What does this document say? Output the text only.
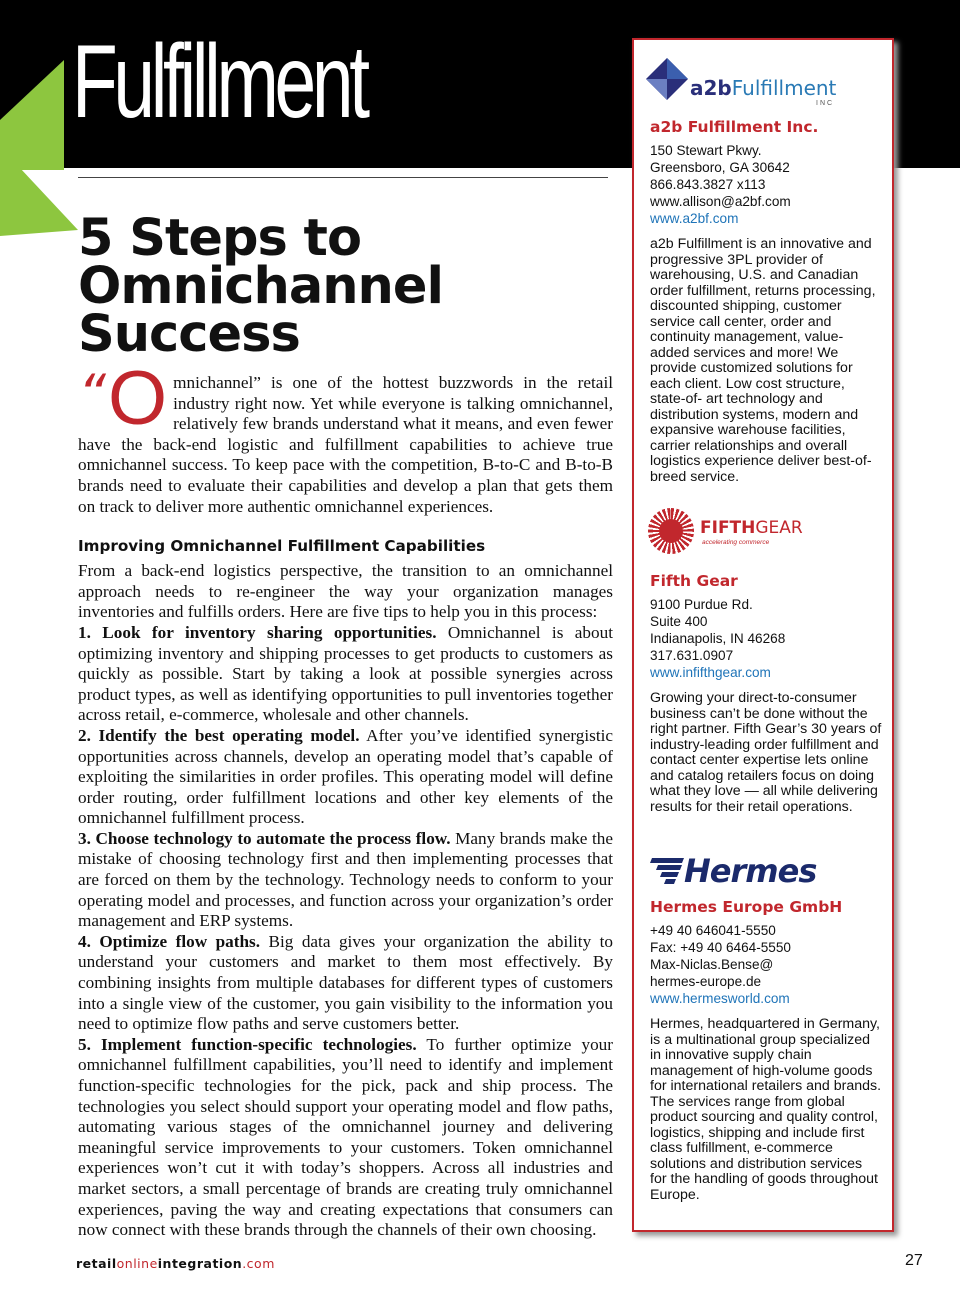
Fulfillment
5 Steps to
Omnichannel
Success

“ O mnichannel” is one of the hottest buzzwords in the retail industry right now. Yet while everyone is talking omnichannel, relatively few brands understand what it means, and even fewer have the back-end logistic and fulfillment capabilities to achieve true omnichannel success. To keep pace with the competition, B-to-C and B-to-B brands need to evaluate their capabilities and develop a plan that gets them on track to deliver more authentic omnichannel experiences.

Improving Omnichannel Fulfillment Capabilities

From a back-end logistics perspective, the transition to an omnichannel approach needs to re-engineer the way your organization manages inventories and fulfills orders. Here are five tips to help you in this process:

1. Look for inventory sharing opportunities. Omnichannel is about optimizing inventory and shipping processes to get products to customers as quickly as possible. Start by taking a look at possible synergies across product types, as well as identifying opportunities to pull inventories together across retail, e-commerce, wholesale and other channels.

2. Identify the best operating model. After you’ve identified synergistic opportunities across channels, develop an operating model that’s capable of exploiting the similarities in order profiles. This operating model will define order routing, order fulfillment locations and other key elements of the omnichannel fulfillment process.

3. Choose technology to automate the process flow. Many brands make the mistake of choosing technology first and then implementing processes that are forced on them by the technology. Technology needs to conform to your operating model and processes, and function across your organization’s order management and ERP systems.

4. Optimize flow paths. Big data gives your organization the ability to understand your customers and market to them most effectively. By combining insights from multiple databases for different types of customers into a single view of the customer, you gain visibility to the information you need to optimize flow paths and serve customers better.

5. Implement function-specific technologies. To further optimize your omnichannel fulfillment capabilities, you’ll need to identify and implement function-specific technologies for the pick, pack and ship process. The technologies you select should support your operating model and flow paths, automating various stages of the omnichannel journey and delivering meaningful service improvements to your customers. Token omnichannel experiences won’t cut it with today’s shoppers. Across all industries and market sectors, a small percentage of brands are creating truly omnichannel experiences, paving the way and creating expectations that consumers can now connect with these brands through the channels of their own choosing.

a2bFulfillment
INC
a2b Fulfillment Inc.
150 Stewart Pkwy.
Greensboro, GA 30642
866.843.3827 x113
www.allison@a2bf.com
www.a2bf.com
a2b Fulfillment is an innovative and progressive 3PL provider of warehousing, U.S. and Canadian order fulfillment, returns processing, discounted shipping, customer service call center, order and continuity management, value-added services and more! We provide customized solutions for each client. Low cost structure, state-of- art technology and distribution systems, modern and expansive warehouse facilities, carrier relationships and overall logistics experience deliver best-of-breed service.
FIFTHGEAR
accelerating commerce
Fifth Gear
9100 Purdue Rd.
Suite 400
Indianapolis, IN 46268
317.631.0907
www.infifthgear.com
Growing your direct-to-consumer business can’t be done without the right partner. Fifth Gear’s 30 years of industry-leading order fulfillment and contact center expertise lets online and catalog retailers focus on doing what they love — all while delivering results for their retail operations.
Hermes
Hermes Europe GmbH
+49 40 646041-5550
Fax: +49 40 6464-5550
Max-Niclas.Bense@
hermes-europe.de
www.hermesworld.com
Hermes, headquartered in Germany, is a multinational group specialized in innovative supply chain management of high-volume goods for international retailers and brands. The services range from global product sourcing and quality control, logistics, shipping and include first class fulfillment, e-commerce solutions and distribution services for the handling of goods throughout Europe.
retailonlineintegration.com	27
